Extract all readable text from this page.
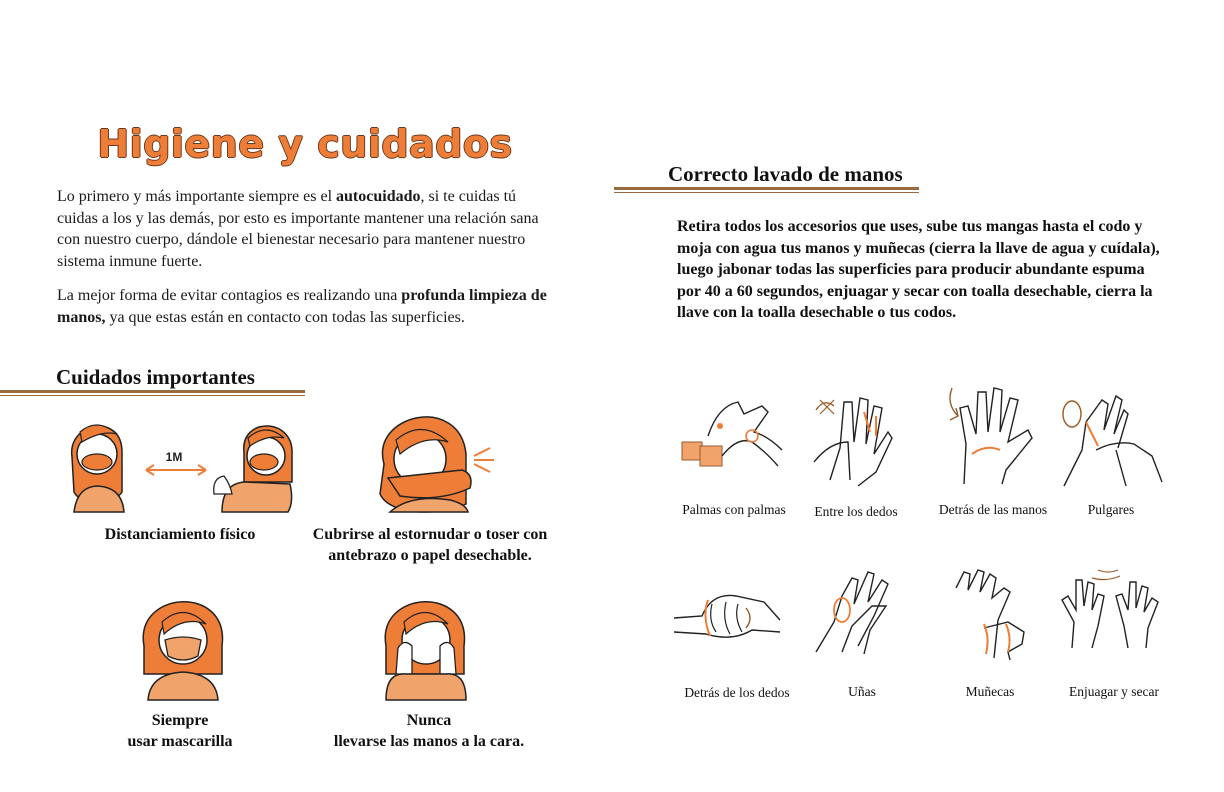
Higiene y cuidados
Lo primero y más importante siempre es el autocuidado, si te cuidas tú cuidas a los y las demás, por esto es importante mantener una relación sana con nuestro cuerpo, dándole el bienestar necesario para mantener nuestro sistema inmune fuerte.
La mejor forma de evitar contagios es realizando una profunda limpieza de manos, ya que estas están en contacto con todas las superficies.
Cuidados importantes
1M
Distanciamiento físico	Cubrirse al estornudar o toser con
antebrazo o papel desechable.
Siempre
usar mascarilla
Nunca
llevarse las manos a la cara.
Correcto lavado de manos
Retira todos los accesorios que uses, sube tus mangas hasta el codo y moja con agua tus manos y muñecas (cierra la llave de agua y cuídala), luego jabonar todas las superficies para producir abundante espuma por 40 a 60 segundos, enjuagar y secar con toalla desechable, cierra la llave con la toalla desechable o tus codos.
Palmas con palmas	Entre los dedos	Detrás de las manos	Pulgares
Detrás de los dedos	Uñas	Muñecas	Enjuagar y secar
